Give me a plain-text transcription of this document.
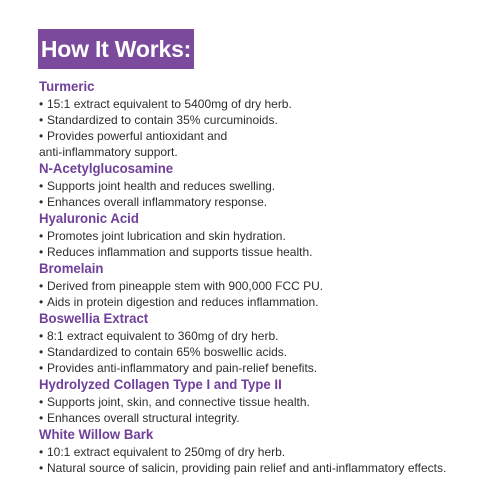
How It Works:

Turmeric

• 15:1 extract equivalent to 5400mg of dry herb.

• Standardized to contain 35% curcuminoids.

• Provides powerful antioxidant and

anti-inflammatory support.

N-Acetylglucosamine

• Supports joint health and reduces swelling.

• Enhances overall inflammatory response.

Hyaluronic Acid

• Promotes joint lubrication and skin hydration.

• Reduces inflammation and supports tissue health.

Bromelain

• Derived from pineapple stem with 900,000 FCC PU.

• Aids in protein digestion and reduces inflammation.

Boswellia Extract

• 8:1 extract equivalent to 360mg of dry herb.

• Standardized to contain 65% boswellic acids.

• Provides anti-inflammatory and pain-relief benefits.

Hydrolyzed Collagen Type I and Type II

• Supports joint, skin, and connective tissue health.

• Enhances overall structural integrity.

White Willow Bark

• 10:1 extract equivalent to 250mg of dry herb.

• Natural source of salicin, providing pain relief and anti-inflammatory effects.
